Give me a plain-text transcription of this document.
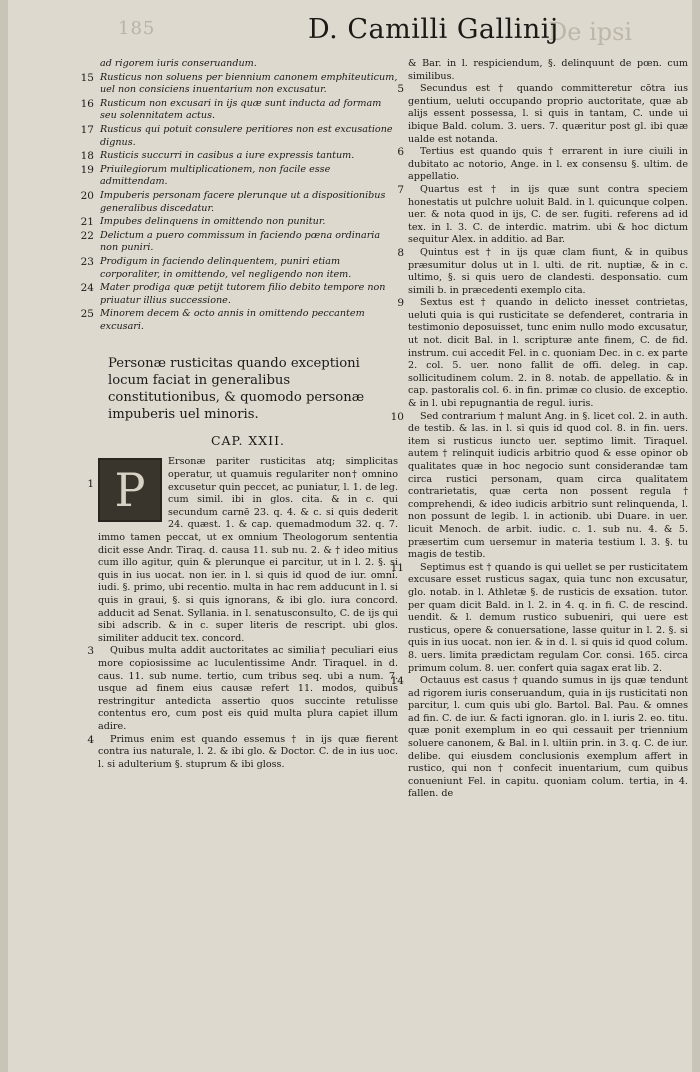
185	De ipsi
D. Camilli Gallinij
ad rigorem iuris conseruandum.
15 Rusticus non soluens per biennium canonem emphiteuticum, uel non consiciens inuentarium non excusatur.
16 Rusticum non excusari in ijs quæ sunt inducta ad formam seu solennitatem actus.
17 Rusticus qui potuit consulere peritiores non est excusatione dignus.
18 Rusticis succurri in casibus a iure expressis tantum.
19 Priuilegiorum multiplicationem, non facile esse admittendam.
20 Impuberis personam facere plerunque ut a dispositionibus generalibus discedatur.
21 Impubes delinquens in omittendo non punitur.
22 Delictum a puero commissum in faciendo pœna ordinaria non puniri.
23 Prodigum in faciendo delinquentem, puniri etiam corporaliter, in omittendo, vel negligendo non item.
24 Mater prodiga quæ petijt tutorem filio debito tempore non priuatur illius successione.
25 Minorem decem & octo annis in omittendo peccantem excusari.
Personæ rusticitas quando exceptioni locum faciat in generalibus constitutionibus, & quomodo personæ impuberis uel minoris.
CAP. XXII.
P
1

Ersonæ pariter rusticitas atq; simplicitas operatur, ut quamuis regulariter non† omnino excusetur quin peccet, ac puniatur, l. 1. de leg. cum simil. ibi in glos. cita. & in c. qui secundum carnē 23. q. 4. & c. si quis dederit 24. quæst. 1. & cap. quemadmodum 32. q. 7. immo tamen peccat, ut ex omnium Theologorum sententia dicit esse Andr. Tiraq. d. causa 11. sub nu. 2. & † ideo mitius cum illo agitur, quin & plerunque ei parcitur, ut in l. 2. §. si quis in ius uocat. non ier. in l. si quis id quod de iur. omni. iudi. §. primo, ubi recentio. multa in hac rem adducunt in l. si quis in graui, §. si quis ignorans, & ibi glo. iura concord. adducit ad Senat. Syllania. in l. senatusconsulto, C. de ijs qui sibi adscrib. & in c. super literis de rescript. ubi glos. similiter adducit tex. concord.

3	Quibus multa addit auctoritates ac similia† peculiari eius more copiosissime ac luculentissime Andr. Tiraquel. in d. caus. 11. sub nume. tertio, cum tribus seq. ubi a num. 7. usque ad finem eius causæ refert 11. modos, quibus restringitur antedicta assertio quos succinte retulisse contentus ero, cum post eis quid multa plura capiet illum adire.

4	Primus enim est quando essemus † in ijs quæ fierent contra ius naturale, l. 2. & ibi glo. & Doctor. C. de in ius uoc. l. si adulterium §. stuprum & ibi gloss.

& Bar. in l. respiciendum, §. delinquunt de pœn. cum similibus.

5	Secundus est † quando committeretur cōtra ius gentium, ueluti occupando proprio auctoritate, quæ ab alijs essent possessa, l. si quis in tantam, C. unde ui ibique Bald. colum. 3. uers. 7. quæritur post gl. ibi quæ ualde est notanda.

6	Tertius est quando quis † errarent in iure ciuili in dubitato ac notorio, Ange. in l. ex consensu §. ultim. de appellatio.

7	Quartus est † in ijs quæ sunt contra speciem honestatis ut pulchre uoluit Bald. in l. quicunque colpen. uer. & nota quod in ijs, C. de ser. fugiti. referens ad id tex. in l. 3. C. de interdic. matrim. ubi & hoc dictum sequitur Alex. in additio. ad Bar.

8	Quintus est † in ijs quæ clam fiunt, & in quibus præsumitur dolus ut in l. ulti. de rit. nuptiæ, & in c. ultimo, §. si quis uero de clandesti. desponsatio. cum simili b. in præcedenti exemplo cita.

9	Sextus est † quando in delicto inesset contrietas, ueluti quia is qui rusticitate se defenderet, contraria in testimonio deposuisset, tunc enim nullo modo excusatur, ut not. dicit Bal. in l. scripturæ ante finem, C. de fid. instrum. cui accedit Fel. in c. quoniam Dec. in c. ex parte 2. col. 5. uer. nono fallit de offi. deleg. in cap. sollicitudinem colum. 2. in 8. notab. de appellatio. & in cap. pastoralis col. 6. in fin. primæ co clusio. de exceptio. & in l. ubi repugnantia de regul. iuris.

10	Sed contrarium † malunt Ang. in §. licet col. 2. in auth. de testib. & las. in l. si quis id quod col. 8. in fin. uers. item si rusticus iuncto uer. septimo limit. Tiraquel. autem † relinquit iudicis arbitrio quod & esse opinor ob qualitates quæ in hoc negocio sunt considerandæ tam circa rustici personam, quam circa qualitatem contrarietatis, quæ certa non possent regula † comprehendi, & ideo iudicis arbitrio sunt relinquenda, l. non possunt de legib. l. in actionib. ubi Duare. in uer. licuit Menoch. de arbit. iudic. c. 1. sub nu. 4. & 5. præsertim cum uersemur in materia testium l. 3. §. tu magis de testib.

11	Septimus est † quando is qui uellet se per rusticitatem excusare esset rusticus sagax, quia tunc non excusatur, glo. notab. in l. Athletæ §. de rusticis de exsation. tutor. per quam dicit Bald. in l. 2. in 4. q. in fi. C. de rescind. uendit. & l. demum rustico subueniri, qui uere est rusticus, opere & conuersatione, lasse quitur in l. 2. §. si quis in ius uocat. non ier. & in d. l. si quis id quod colum. 8. uers. limita prædictam regulam Cor. consi. 165. circa primum colum. 8. uer. confert quia sagax erat lib. 2.

14	Octauus est casus † quando sumus in ijs quæ tendunt ad rigorem iuris conseruandum, quia in ijs rusticitati non parcitur, l. cum quis ubi glo. Bartol. Bal. Pau. & omnes ad fin. C. de iur. & facti ignoran. glo. in l. iuris 2. eo. titu. quæ ponit exemplum in eo qui cessauit per triennium soluere canonem, & Bal. in l. ultiin prin. in 3. q. C. de iur. delibe. qui eiusdem conclusionis exemplum affert in rustico, qui non † confecit inuentarium, cum quibus conueniunt Fel. in capitu. quoniam colum. tertia, in 4. fallen. de
